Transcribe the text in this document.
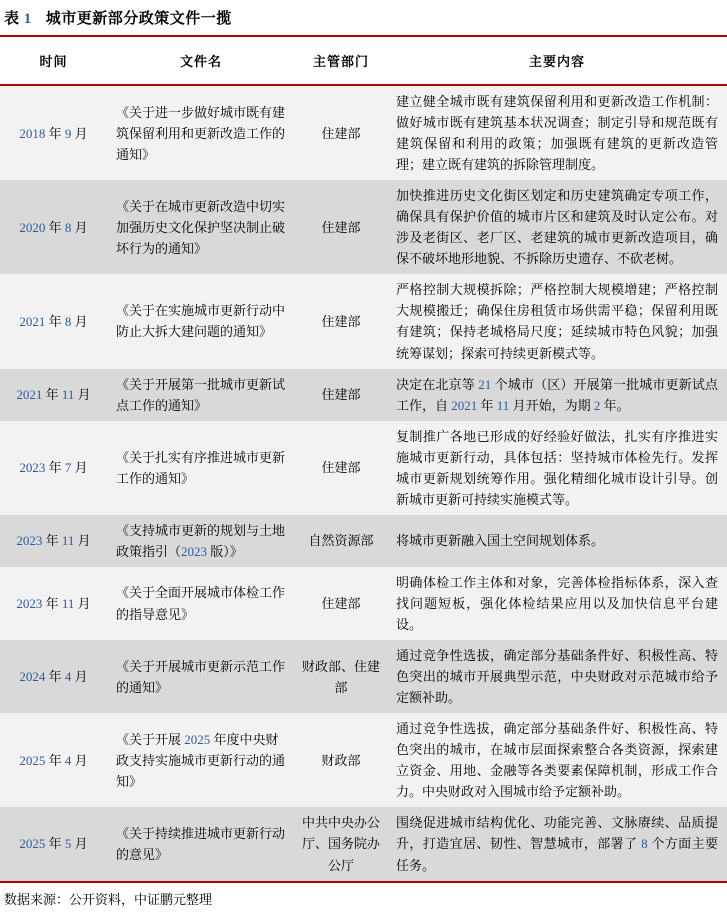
表 1 城市更新部分政策文件一揽
时间	文件名	主管部门	主要内容
2018 年 9 月	《关于进一步做好城市既有建筑保留利用和更新改造工作的通知》	住建部	建立健全城市既有建筑保留利用和更新改造工作机制：做好城市既有建筑基本状况调查；制定引导和规范既有建筑保留和利用的政策；加强既有建筑的更新改造管理；建立既有建筑的拆除管理制度。
2020 年 8 月	《关于在城市更新改造中切实加强历史文化保护坚决制止破坏行为的通知》	住建部	加快推进历史文化街区划定和历史建筑确定专项工作，确保具有保护价值的城市片区和建筑及时认定公布。对涉及老街区、老厂区、老建筑的城市更新改造项目，确保不破坏地形地貌、不拆除历史遗存、不砍老树。
2021 年 8 月	《关于在实施城市更新行动中防止大拆大建问题的通知》	住建部	严格控制大规模拆除；严格控制大规模增建；严格控制大规模搬迁；确保住房租赁市场供需平稳；保留利用既有建筑；保持老城格局尺度；延续城市特色风貌；加强统筹谋划；探索可持续更新模式等。
2021 年 11 月	《关于开展第一批城市更新试点工作的通知》	住建部	决定在北京等 21 个城市（区）开展第一批城市更新试点工作，自 2021 年 11 月开始，为期 2 年。
2023 年 7 月	《关于扎实有序推进城市更新工作的通知》	住建部	复制推广各地已形成的好经验好做法，扎实有序推进实施城市更新行动，具体包括：坚持城市体检先行。发挥城市更新规划统筹作用。强化精细化城市设计引导。创新城市更新可持续实施模式等。
2023 年 11 月	《支持城市更新的规划与土地政策指引（2023 版）》	自然资源部	将城市更新融入国土空间规划体系。
2023 年 11 月	《关于全面开展城市体检工作的指导意见》	住建部	明确体检工作主体和对象，完善体检指标体系，深入查找问题短板，强化体检结果应用以及加快信息平台建设。
2024 年 4 月	《关于开展城市更新示范工作的通知》	财政部、住建部	通过竞争性选拔，确定部分基础条件好、积极性高、特色突出的城市开展典型示范，中央财政对示范城市给予定额补助。
2025 年 4 月	《关于开展 2025 年度中央财政支持实施城市更新行动的通知》	财政部	通过竞争性选拔，确定部分基础条件好、积极性高、特色突出的城市，在城市层面探索整合各类资源，探索建立资金、用地、金融等各类要素保障机制，形成工作合力。中央财政对入围城市给予定额补助。
2025 年 5 月	《关于持续推进城市更新行动的意见》	中共中央办公厅、国务院办公厅	围绕促进城市结构优化、功能完善、文脉赓续、品质提升，打造宜居、韧性、智慧城市，部署了 8 个方面主要任务。
数据来源：公开资料，中证鹏元整理
